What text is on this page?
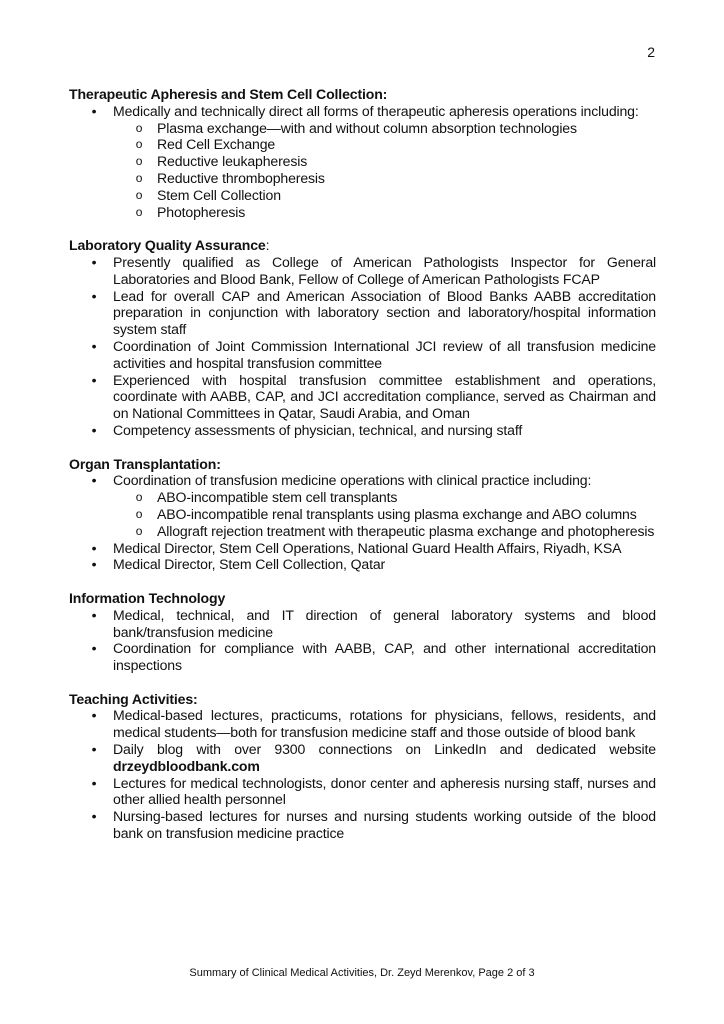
2
Therapeutic Apheresis and Stem Cell Collection:
• Medically and technically direct all forms of therapeutic apheresis operations including:
o Plasma exchange—with and without column absorption technologies
o Red Cell Exchange
o Reductive leukapheresis
o Reductive thrombopheresis
o Stem Cell Collection
o Photopheresis
Laboratory Quality Assurance:
• Presently qualified as College of American Pathologists Inspector for General Laboratories and Blood Bank, Fellow of College of American Pathologists FCAP
• Lead for overall CAP and American Association of Blood Banks AABB accreditation preparation in conjunction with laboratory section and laboratory/hospital information system staff
• Coordination of Joint Commission International JCI review of all transfusion medicine activities and hospital transfusion committee
• Experienced with hospital transfusion committee establishment and operations, coordinate with AABB, CAP, and JCI accreditation compliance, served as Chairman and on National Committees in Qatar, Saudi Arabia, and Oman
• Competency assessments of physician, technical, and nursing staff
Organ Transplantation:
• Coordination of transfusion medicine operations with clinical practice including:
o ABO-incompatible stem cell transplants
o ABO-incompatible renal transplants using plasma exchange and ABO columns
o Allograft rejection treatment with therapeutic plasma exchange and photopheresis
• Medical Director, Stem Cell Operations, National Guard Health Affairs, Riyadh, KSA
• Medical Director, Stem Cell Collection, Qatar
Information Technology
• Medical, technical, and IT direction of general laboratory systems and blood bank/transfusion medicine
• Coordination for compliance with AABB, CAP, and other international accreditation inspections
Teaching Activities:
• Medical-based lectures, practicums, rotations for physicians, fellows, residents, and medical students—both for transfusion medicine staff and those outside of blood bank
• Daily blog with over 9300 connections on LinkedIn and dedicated website drzeydbloodbank.com
• Lectures for medical technologists, donor center and apheresis nursing staff, nurses and other allied health personnel
• Nursing-based lectures for nurses and nursing students working outside of the blood bank on transfusion medicine practice
Summary of Clinical Medical Activities, Dr. Zeyd Merenkov, Page 2 of 3
